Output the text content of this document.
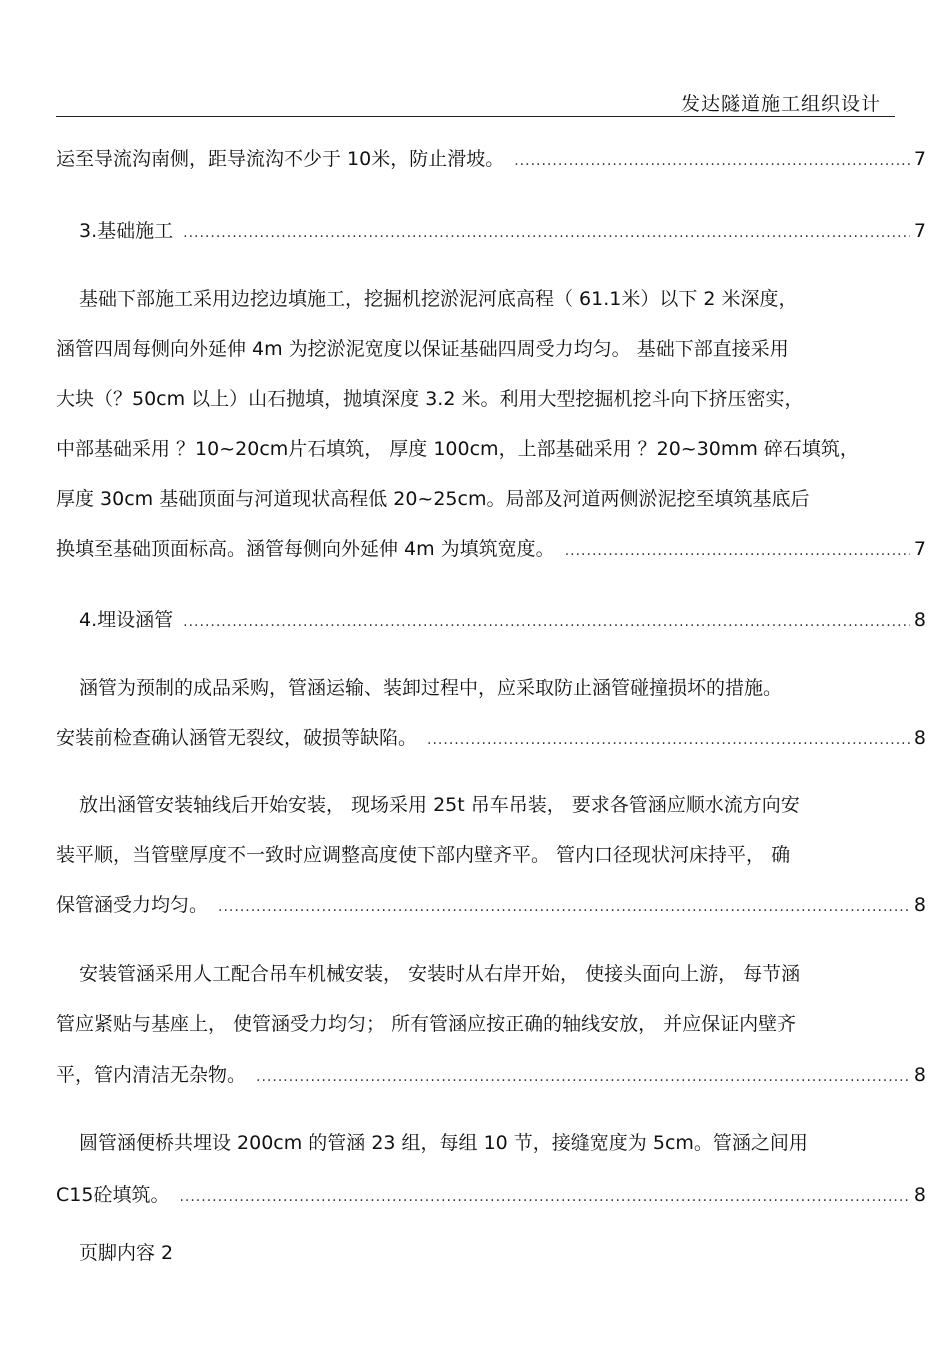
发达隧道施工组织设计
运至导流沟南侧，距导流沟不少于 10米，防止滑坡。 .....	7
3.基础施工 .....	7
基础下部施工采用边挖边填施工，挖掘机挖淤泥河底高程（ 61.1米）以下 2 米深度，
涵管四周每侧向外延伸 4m 为挖淤泥宽度以保证基础四周受力均匀。 基础下部直接采用
大块（？50cm 以上）山石抛填，抛填深度 3.2 米。利用大型挖掘机挖斗向下挤压密实，
中部基础采用 ？10~20cm片石填筑， 厚度 100cm，上部基础采用 ？20~30mm 碎石填筑，
厚度 30cm 基础顶面与河道现状高程低 20~25cm。局部及河道两侧淤泥挖至填筑基底后
换填至基础顶面标高。涵管每侧向外延伸 4m 为填筑宽度。 .....	7
4.埋设涵管 .....	8
涵管为预制的成品采购，管涵运输、装卸过程中，应采取防止涵管碰撞损坏的措施。
安装前检查确认涵管无裂纹，破损等缺陷。 .....	8
放出涵管安装轴线后开始安装， 现场采用 25t 吊车吊装， 要求各管涵应顺水流方向安
装平顺，当管壁厚度不一致时应调整高度使下部内壁齐平。 管内口径现状河床持平， 确
保管涵受力均匀。 .....	8
安装管涵采用人工配合吊车机械安装， 安装时从右岸开始， 使接头面向上游， 每节涵
管应紧贴与基座上， 使管涵受力均匀； 所有管涵应按正确的轴线安放， 并应保证内壁齐
平，管内清洁无杂物。 .....	8
圆管涵便桥共埋设 200cm 的管涵 23 组，每组 10 节，接缝宽度为 5cm。管涵之间用
C15砼填筑。 .....	8
页脚内容 2
